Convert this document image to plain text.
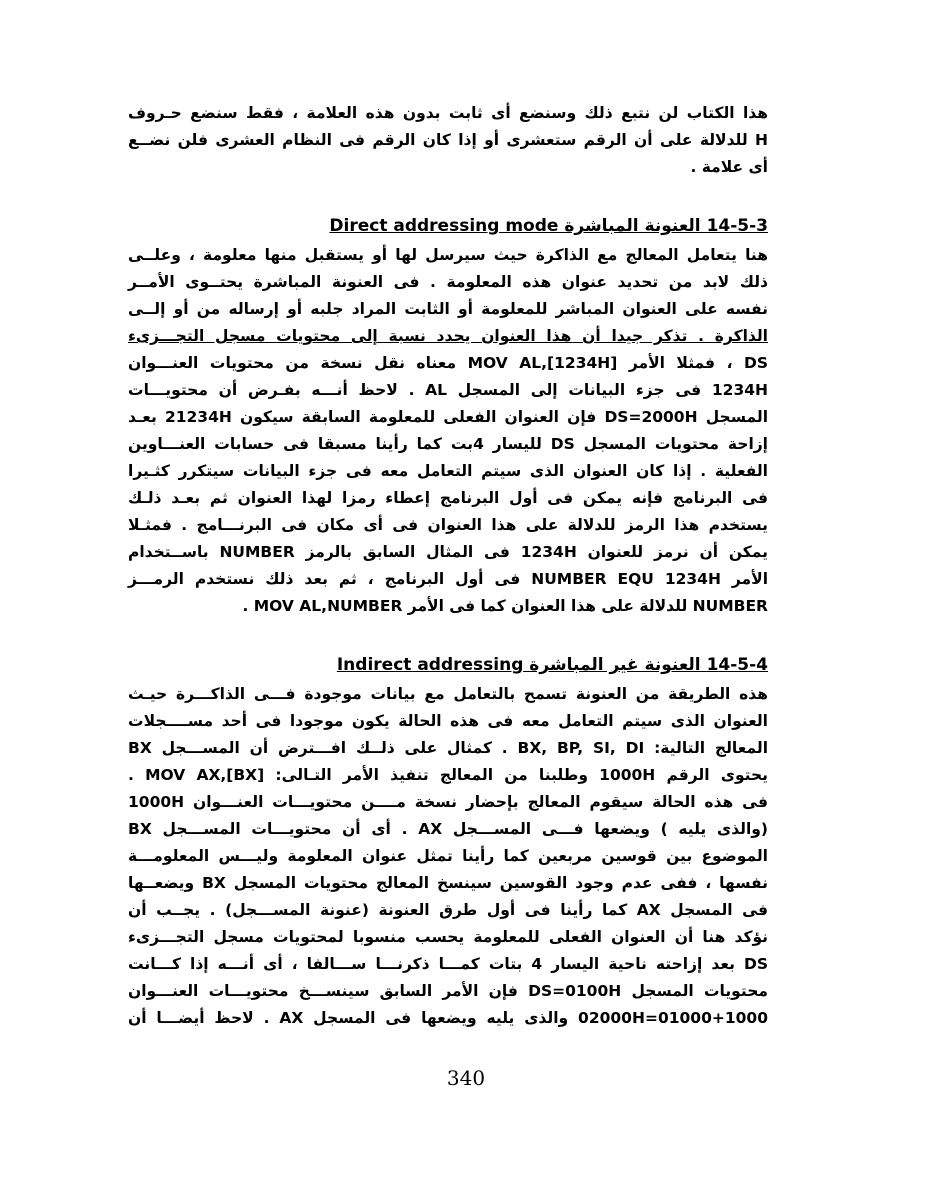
هذا الكتاب لن نتبع ذلك وسنضع أى ثابت بدون هذه العلامة ، فقط سنضع حـروف
H للدلالة على أن الرقم ستعشرى أو إذا كان الرقم فى النظام العشرى فلن نضــع
أى علامة .
14-5-3 العنونة المباشرة Direct addressing mode
هنا يتعامل المعالج مع الذاكرة حيث سيرسل لها أو يستقبل منها معلومة ، وعلــى
ذلك لابد من تحديد عنوان هذه المعلومة . فى العنونة المباشرة يحتــوى الأمــر
نفسه على العنوان المباشر للمعلومة أو الثابت المراد جلبه أو إرساله من أو إلــى
الذاكرة . تذكر جيدا أن هذا العنوان يحدد نسبة إلى محتويات مسجل التجـــزىء
DS ، فمثلا الأمر [MOV AL,[1234H معناه نقل نسخة من محتويات العنـــوان
1234H فى جزء البيانات إلى المسجل AL . لاحظ أنـــه بفـرض أن محتويـــات
المسجل DS=2000H فإن العنوان الفعلى للمعلومة السابقة سيكون 21234H بعـد
إزاحة محتويات المسجل DS لليسار 4بت كما رأينا مسبقا فى حسابات العنـــاوين
الفعلية . إذا كان العنوان الذى سيتم التعامل معه فى جزء البيانات سيتكرر كثـيرا
فى البرنامج فإنه يمكن فى أول البرنامج إعطاء رمزا لهذا العنوان ثم بعـد ذلـك
يستخدم هذا الرمز للدلالة على هذا العنوان فى أى مكان فى البرنـــامج . فمثـلا
يمكن أن نرمز للعنوان 1234H فى المثال السابق بالرمز NUMBER باســتخدام
الأمر NUMBER EQU 1234H فى أول البرنامج ، ثم بعد ذلك نستخدم الرمـــز
NUMBER للدلالة على هذا العنوان كما فى الأمر MOV AL,NUMBER .
14-5-4 العنونة غير المباشرة Indirect addressing
هذه الطريقة من العنونة تسمح بالتعامل مع بيانات موجودة فـــى الذاكـــرة حيـث
العنوان الذى سيتم التعامل معه فى هذه الحالة يكون موجودا فى أحد مســــجلات
المعالج التالية: BX, BP, SI, DI . كمثال على ذلــك افـــترض أن المســـجل BX
يحتوى الرقم 1000H وطلبنا من المعالج تنفيذ الأمر التـالى: MOV AX,[BX] .
فى هذه الحالة سيقوم المعالج بإحضار نسخة مــــن محتويـــات العنـــوان 1000H
(والذى يليه ) ويضعها فـــى المســـجل AX . أى أن محتويـــات المســـجل BX
الموضوع بين قوسين مربعين كما رأينا تمثل عنوان المعلومة وليـــس المعلومـــة
نفسها ، ففى عدم وجود القوسين سينسخ المعالج محتويات المسجل BX ويضعــها
فى المسجل AX كما رأينا فى أول طرق العنونة (عنونة المســـجل) . يجــب أن
نؤكد هنا أن العنوان الفعلى للمعلومة يحسب منسوبا لمحتويات مسجل التجـــزىء
DS بعد إزاحته ناحية اليسار 4 بتات كمـــا ذكرنـــا ســـالفا ، أى أنـــه إذا كـــانت
محتويات المسجل DS=0100H فإن الأمر السابق سينســـخ محتويـــات العنـــوان
01000+1000=02000H والذى يليه ويضعها فى المسجل AX . لاحظ أيضـــا أن
340
